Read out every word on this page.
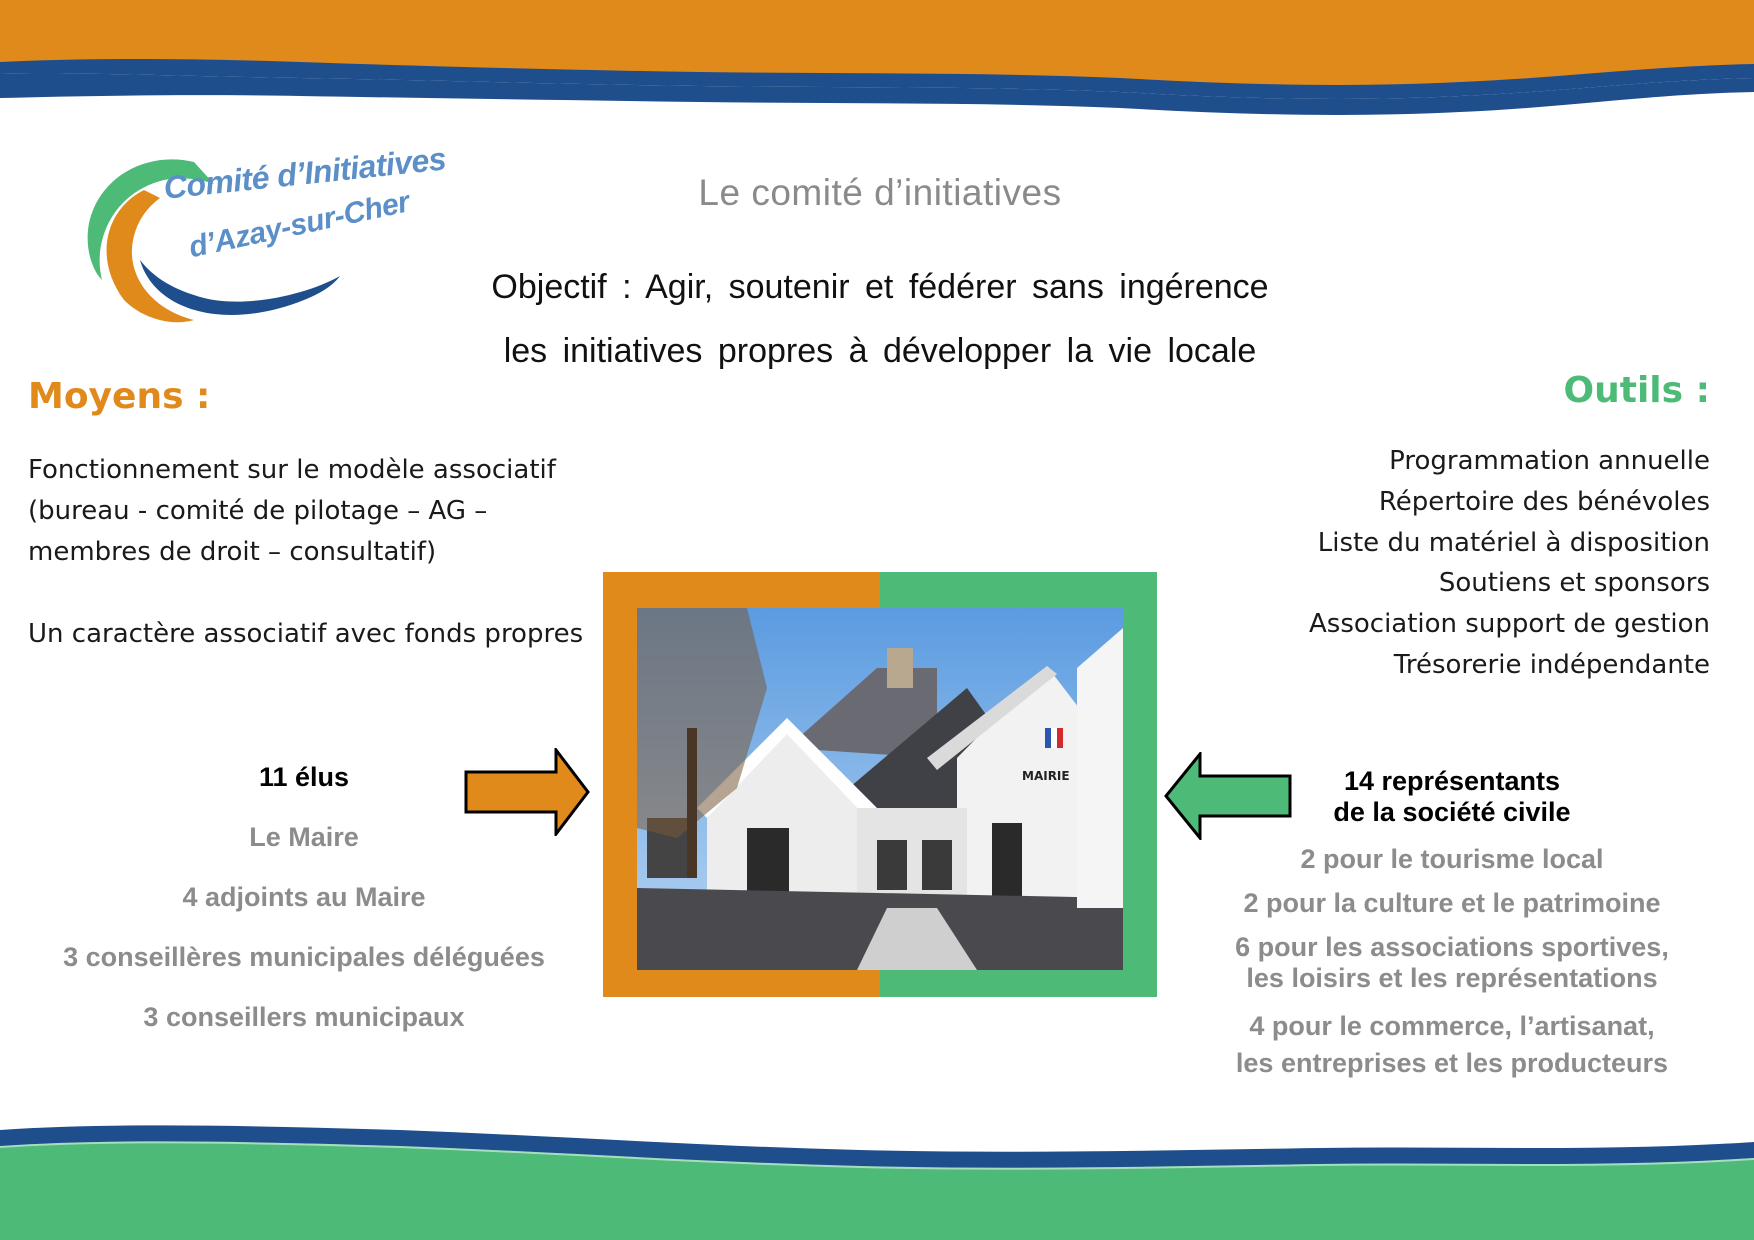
Comité d’Initiatives
d’Azay-sur-Cher	Le comité d’initiatives
Objectif : Agir, soutenir et fédérer sans ingérence
les initiatives propres à développer la vie locale
Moyens :
Fonctionnement sur le modèle associatif
(bureau - comité de pilotage – AG –
membres de droit – consultatif)
Un caractère associatif avec fonds propres
Outils :
Programmation annuelle
Répertoire des bénévoles
Liste du matériel à disposition
Soutiens et sponsors
Association support de gestion
Trésorerie indépendante
MAIRIE
11 élus
Le Maire
4 adjoints au Maire
3 conseillères municipales déléguées
3 conseillers municipaux
14 représentants
de la société civile
2 pour le tourisme local
2 pour la culture et le patrimoine
6 pour les associations sportives,
les loisirs et les représentations
4 pour le commerce, l’artisanat,
les entreprises et les producteurs
